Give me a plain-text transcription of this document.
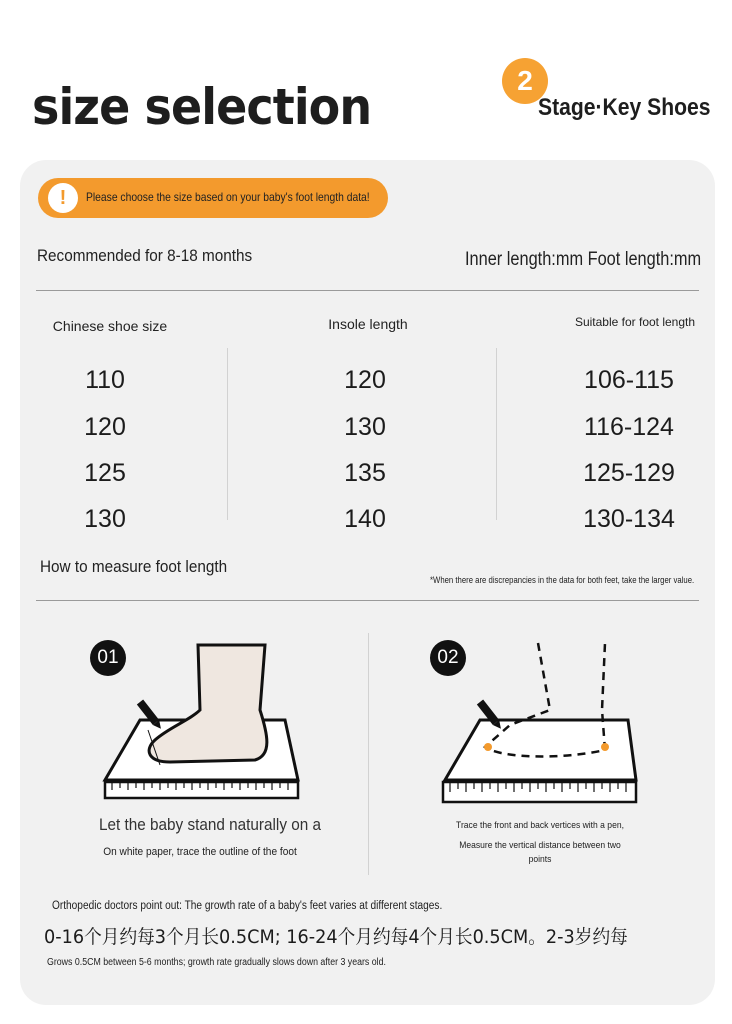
size selection	2
Stage·Key Shoes
!	Please choose the size based on your baby's foot length data!
Recommended for 8-18 months	Inner length:mm Foot length:mm
Chinese shoe size	Insole length	Suitable for foot length
110	120	106-115
120	130	116-124
125	135	125-129
130	140	130-134
How to measure foot length
*When there are discrepancies in the data for both feet, take the larger value.
01
Let the baby stand naturally on a
On white paper, trace the outline of the foot
02
Trace the front and back vertices with a pen,
Measure the vertical distance between two
points
Orthopedic doctors point out: The growth rate of a baby's feet varies at different stages.
0-16个月约每3个月长0.5CM; 16-24个月约每4个月长0.5CM。2-3岁约每
Grows 0.5CM between 5-6 months; growth rate gradually slows down after 3 years old.
